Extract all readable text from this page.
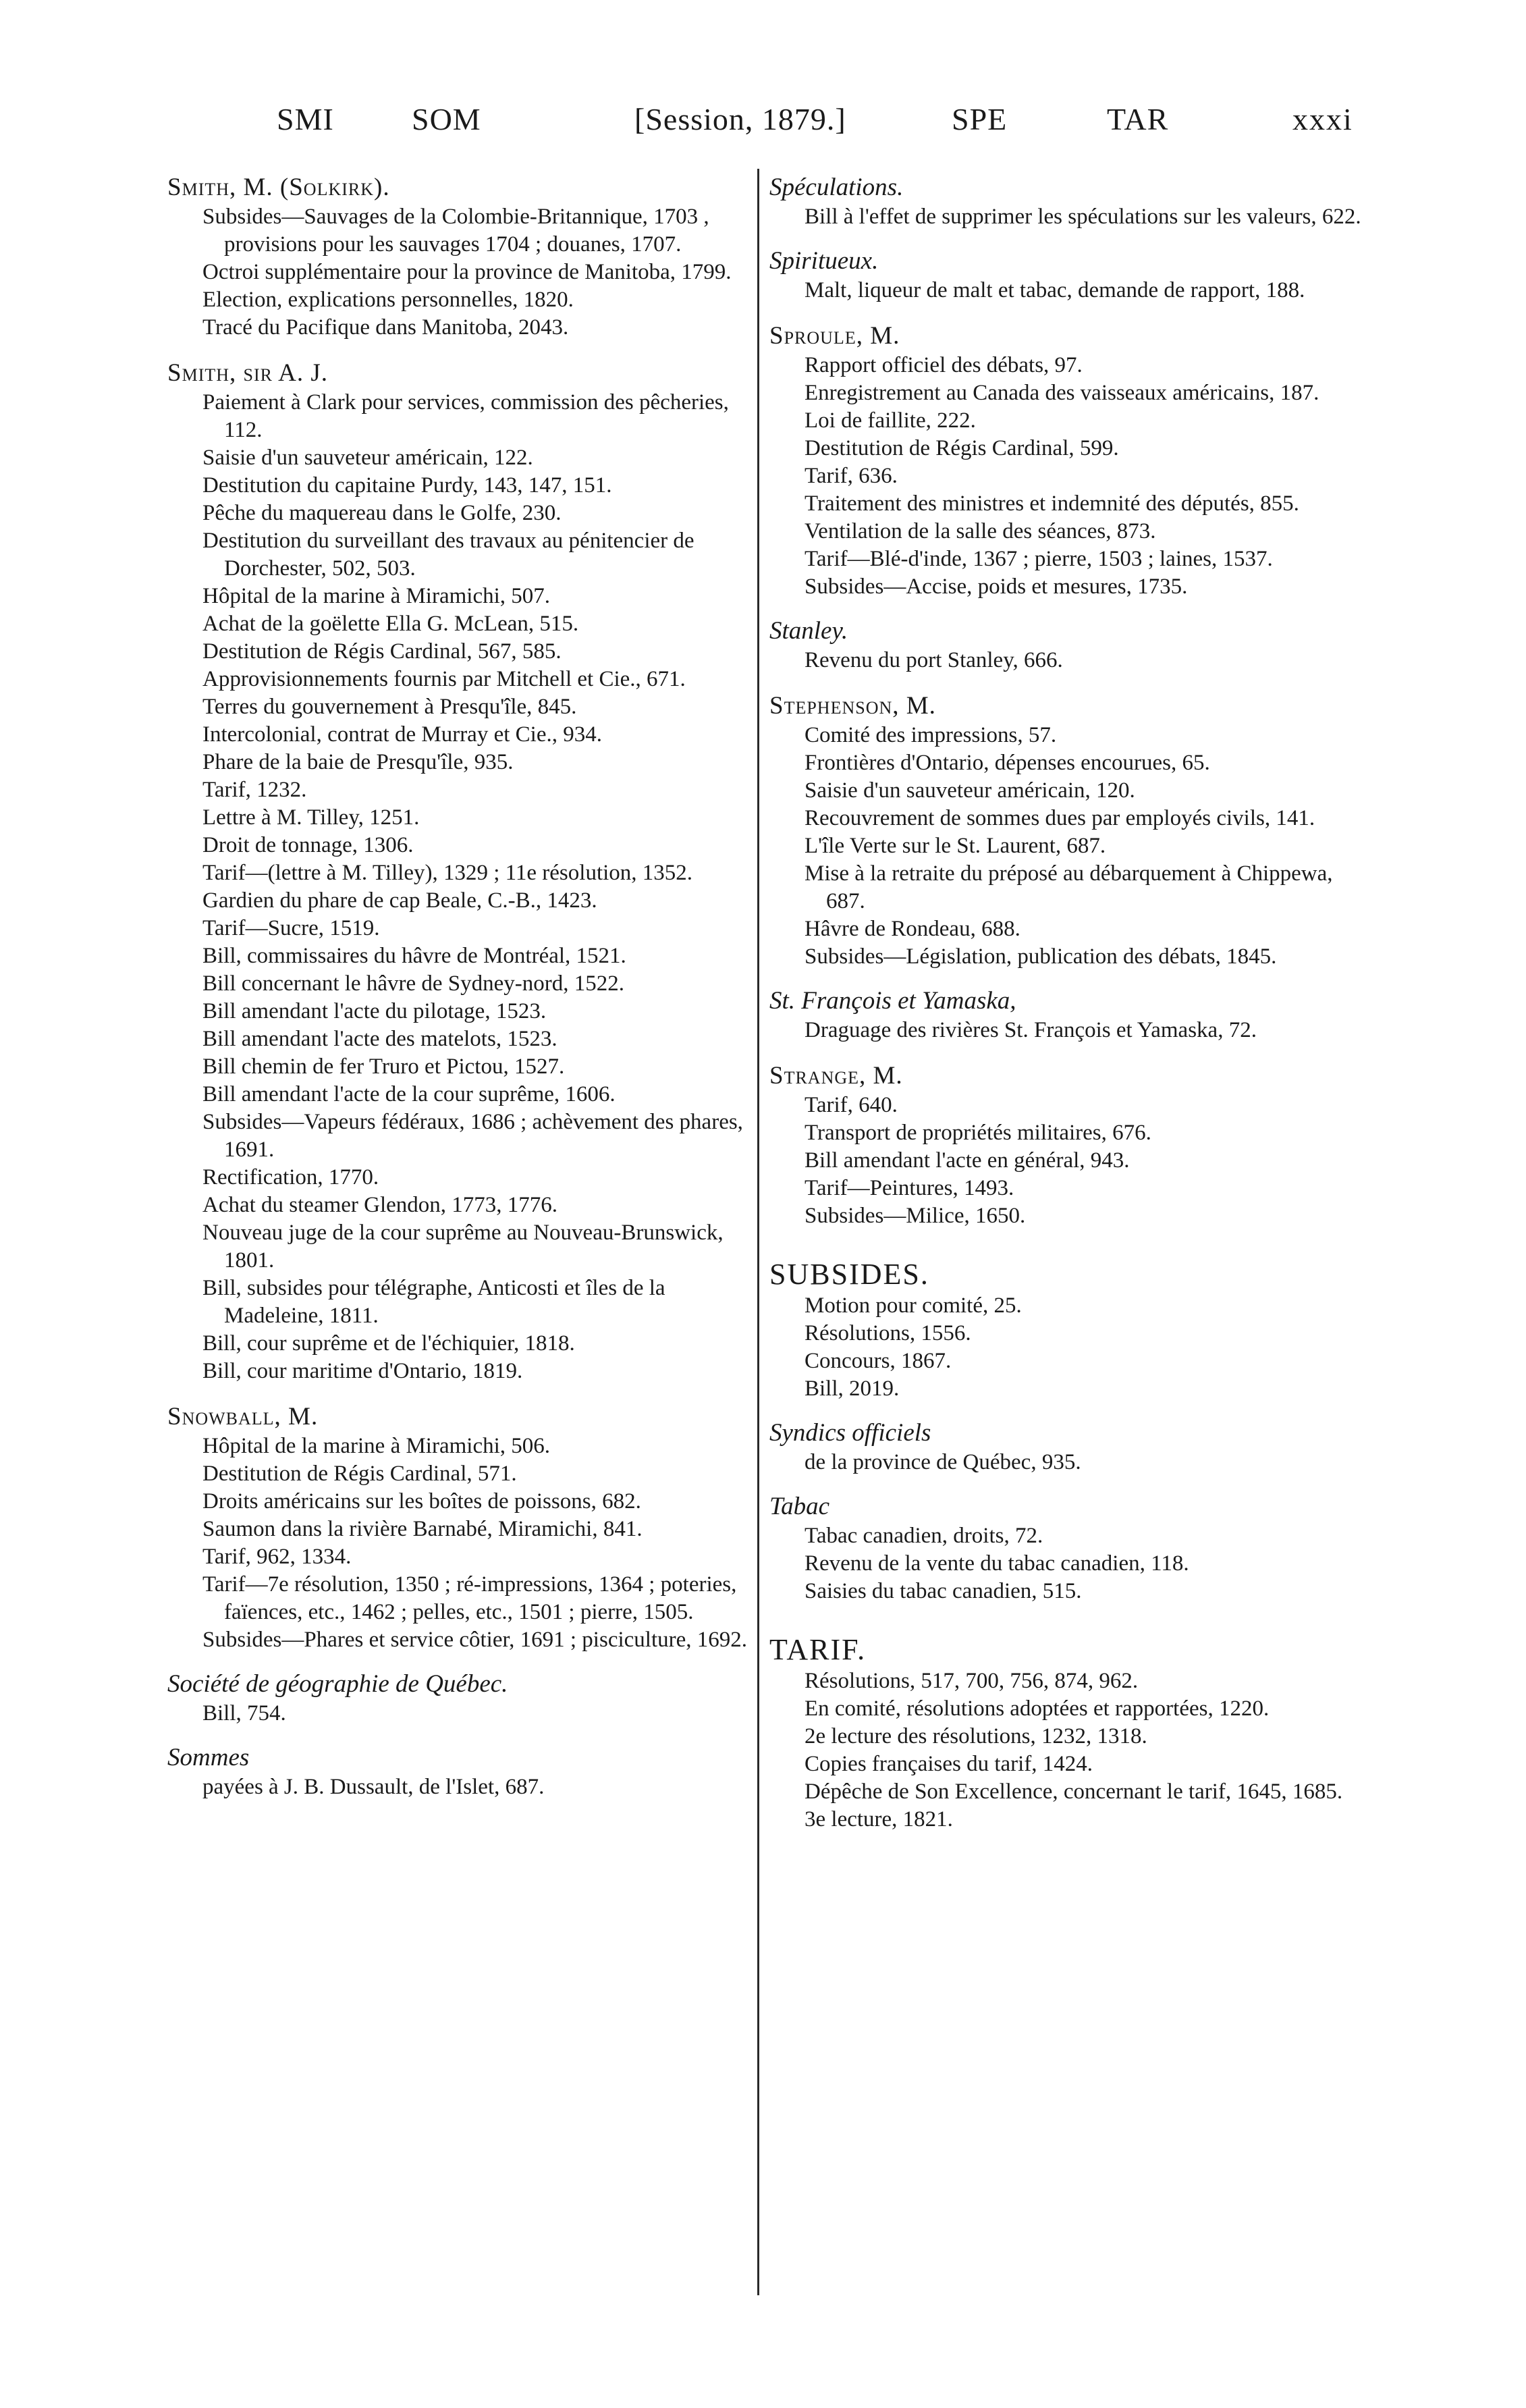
SMI	SOM	[Session, 1879.]	SPE	TAR	xxxi
Smith, M. (Solkirk).
Subsides—Sauvages de la Colombie-Britannique, 1703 , provisions pour les sauvages 1704 ; douanes, 1707.
Octroi supplémentaire pour la province de Manitoba, 1799.
Election, explications personnelles, 1820.
Tracé du Pacifique dans Manitoba, 2043.
Smith, sir A. J.
Paiement à Clark pour services, commission des pêcheries, 112.
Saisie d'un sauveteur américain, 122.
Destitution du capitaine Purdy, 143, 147, 151.
Pêche du maquereau dans le Golfe, 230.
Destitution du surveillant des travaux au pénitencier de Dorchester, 502, 503.
Hôpital de la marine à Miramichi, 507.
Achat de la goëlette Ella G. McLean, 515.
Destitution de Régis Cardinal, 567, 585.
Approvisionnements fournis par Mitchell et Cie., 671.
Terres du gouvernement à Presqu'île, 845.
Intercolonial, contrat de Murray et Cie., 934.
Phare de la baie de Presqu'île, 935.
Tarif, 1232.
Lettre à M. Tilley, 1251.
Droit de tonnage, 1306.
Tarif—(lettre à M. Tilley), 1329 ; 11e résolution, 1352.
Gardien du phare de cap Beale, C.-B., 1423.
Tarif—Sucre, 1519.
Bill, commissaires du hâvre de Montréal, 1521.
Bill concernant le hâvre de Sydney-nord, 1522.
Bill amendant l'acte du pilotage, 1523.
Bill amendant l'acte des matelots, 1523.
Bill chemin de fer Truro et Pictou, 1527.
Bill amendant l'acte de la cour suprême, 1606.
Subsides—Vapeurs fédéraux, 1686 ; achèvement des phares, 1691.
Rectification, 1770.
Achat du steamer Glendon, 1773, 1776.
Nouveau juge de la cour suprême au Nouveau-Brunswick, 1801.
Bill, subsides pour télégraphe, Anticosti et îles de la Madeleine, 1811.
Bill, cour suprême et de l'échiquier, 1818.
Bill, cour maritime d'Ontario, 1819.
Snowball, M.
Hôpital de la marine à Miramichi, 506.
Destitution de Régis Cardinal, 571.
Droits américains sur les boîtes de poissons, 682.
Saumon dans la rivière Barnabé, Miramichi, 841.
Tarif, 962, 1334.
Tarif—7e résolution, 1350 ; ré-impressions, 1364 ; poteries, faïences, etc., 1462 ; pelles, etc., 1501 ; pierre, 1505.
Subsides—Phares et service côtier, 1691 ; pisciculture, 1692.
Société de géographie de Québec.
Bill, 754.
Sommes
payées à J. B. Dussault, de l'Islet, 687.
Spéculations.
Bill à l'effet de supprimer les spéculations sur les valeurs, 622.
Spiritueux.
Malt, liqueur de malt et tabac, demande de rapport, 188.
Sproule, M.
Rapport officiel des débats, 97.
Enregistrement au Canada des vaisseaux américains, 187.
Loi de faillite, 222.
Destitution de Régis Cardinal, 599.
Tarif, 636.
Traitement des ministres et indemnité des députés, 855.
Ventilation de la salle des séances, 873.
Tarif—Blé-d'inde, 1367 ; pierre, 1503 ; laines, 1537.
Subsides—Accise, poids et mesures, 1735.
Stanley.
Revenu du port Stanley, 666.
Stephenson, M.
Comité des impressions, 57.
Frontières d'Ontario, dépenses encourues, 65.
Saisie d'un sauveteur américain, 120.
Recouvrement de sommes dues par employés civils, 141.
L'île Verte sur le St. Laurent, 687.
Mise à la retraite du préposé au débarquement à Chippewa, 687.
Hâvre de Rondeau, 688.
Subsides—Législation, publication des débats, 1845.
St. François et Yamaska,
Draguage des rivières St. François et Yamaska, 72.
Strange, M.
Tarif, 640.
Transport de propriétés militaires, 676.
Bill amendant l'acte en général, 943.
Tarif—Peintures, 1493.
Subsides—Milice, 1650.
SUBSIDES.
Motion pour comité, 25.
Résolutions, 1556.
Concours, 1867.
Bill, 2019.
Syndics officiels
de la province de Québec, 935.
Tabac
Tabac canadien, droits, 72.
Revenu de la vente du tabac canadien, 118.
Saisies du tabac canadien, 515.
TARIF.
Résolutions, 517, 700, 756, 874, 962.
En comité, résolutions adoptées et rapportées, 1220.
2e lecture des résolutions, 1232, 1318.
Copies françaises du tarif, 1424.
Dépêche de Son Excellence, concernant le tarif, 1645, 1685.
3e lecture, 1821.
